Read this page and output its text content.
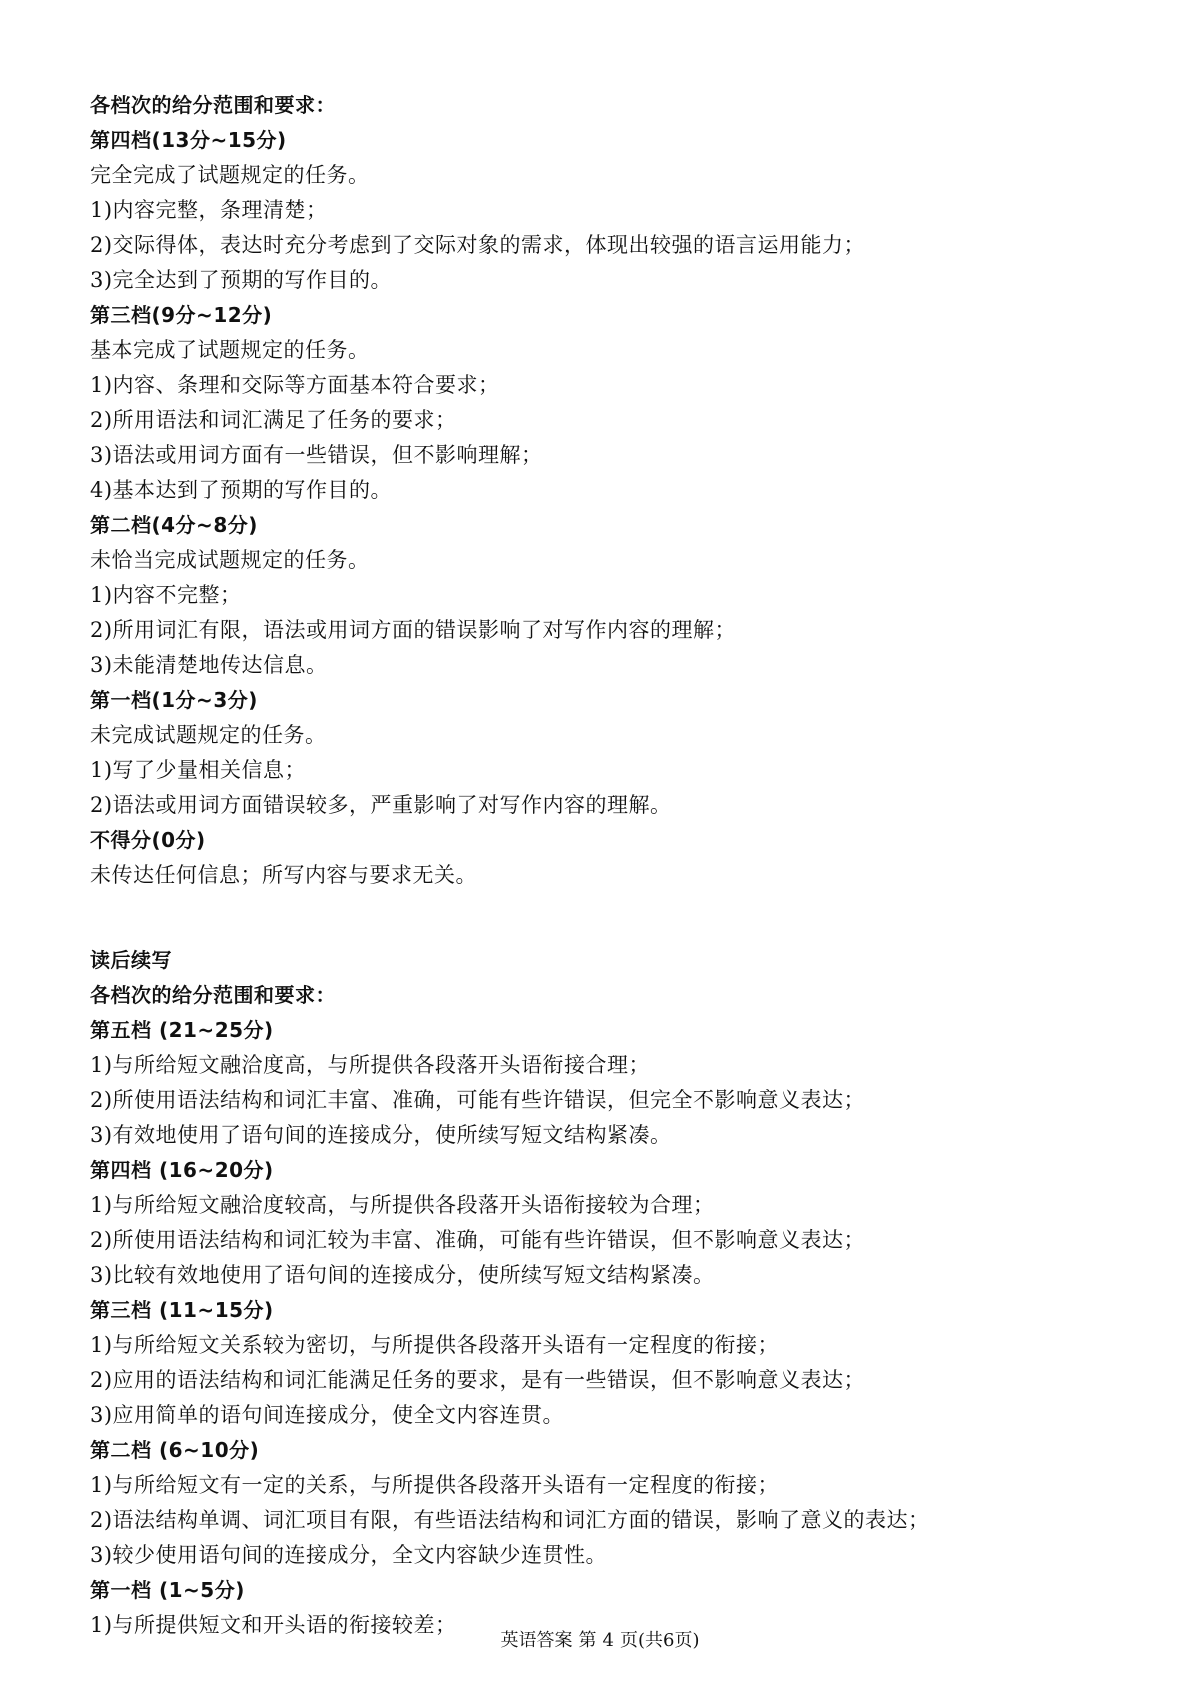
各档次的给分范围和要求：
第四档(13分~15分)
完全完成了试题规定的任务。
1)内容完整，条理清楚；
2)交际得体，表达时充分考虑到了交际对象的需求，体现出较强的语言运用能力；
3)完全达到了预期的写作目的。
第三档(9分~12分)
基本完成了试题规定的任务。
1)内容、条理和交际等方面基本符合要求；
2)所用语法和词汇满足了任务的要求；
3)语法或用词方面有一些错误，但不影响理解；
4)基本达到了预期的写作目的。
第二档(4分~8分)
未恰当完成试题规定的任务。
1)内容不完整；
2)所用词汇有限，语法或用词方面的错误影响了对写作内容的理解；
3)未能清楚地传达信息。
第一档(1分~3分)
未完成试题规定的任务。
1)写了少量相关信息；
2)语法或用词方面错误较多，严重影响了对写作内容的理解。
不得分(0分)
未传达任何信息；所写内容与要求无关。
读后续写
各档次的给分范围和要求：
第五档 (21~25分)
1)与所给短文融洽度高，与所提供各段落开头语衔接合理；
2)所使用语法结构和词汇丰富、准确，可能有些许错误，但完全不影响意义表达；
3)有效地使用了语句间的连接成分，使所续写短文结构紧凑。
第四档 (16~20分)
1)与所给短文融洽度较高，与所提供各段落开头语衔接较为合理；
2)所使用语法结构和词汇较为丰富、准确，可能有些许错误，但不影响意义表达；
3)比较有效地使用了语句间的连接成分，使所续写短文结构紧凑。
第三档 (11~15分)
1)与所给短文关系较为密切，与所提供各段落开头语有一定程度的衔接；
2)应用的语法结构和词汇能满足任务的要求，是有一些错误，但不影响意义表达；
3)应用简单的语句间连接成分，使全文内容连贯。
第二档 (6~10分)
1)与所给短文有一定的关系，与所提供各段落开头语有一定程度的衔接；
2)语法结构单调、词汇项目有限，有些语法结构和词汇方面的错误，影响了意义的表达；
3)较少使用语句间的连接成分，全文内容缺少连贯性。
第一档 (1~5分)
1)与所提供短文和开头语的衔接较差；
英语答案 第 4 页(共6页)
